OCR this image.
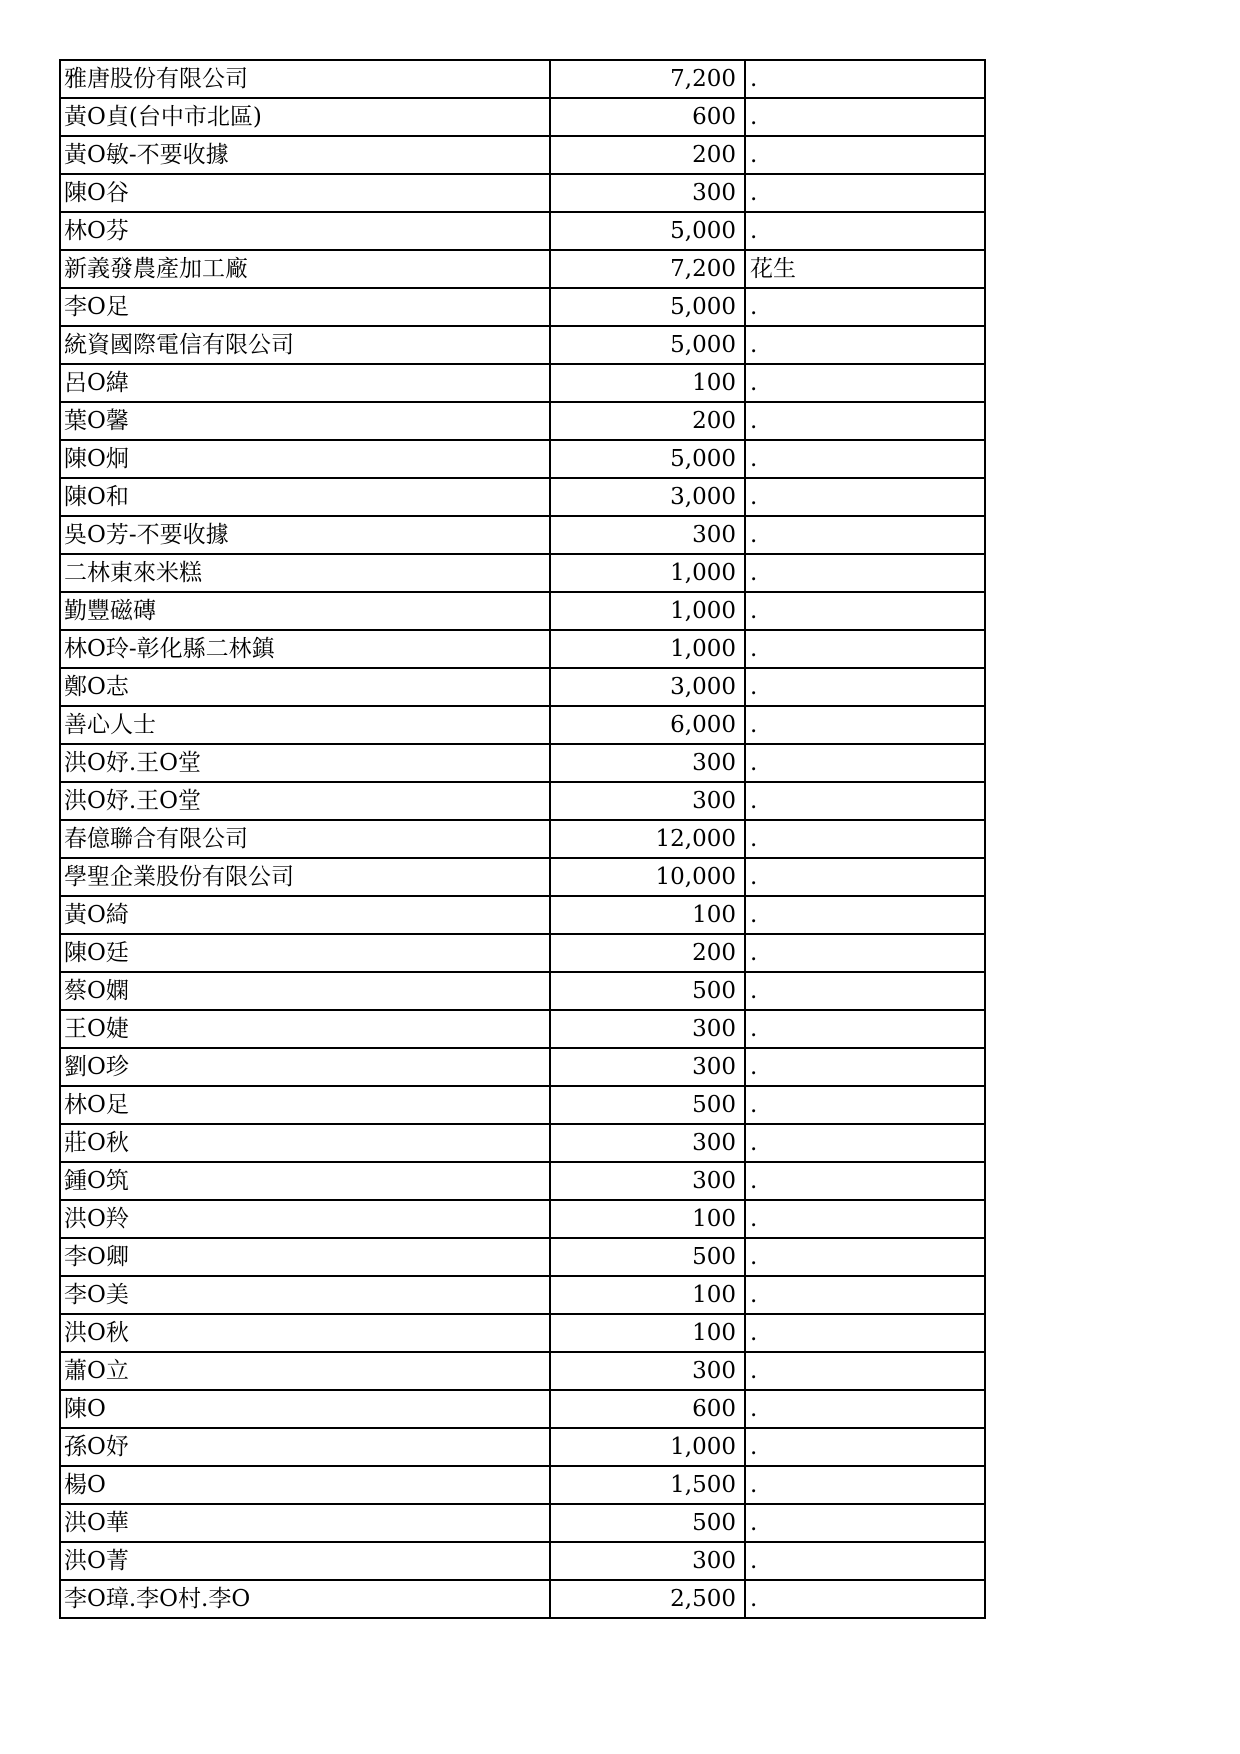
雅唐股份有限公司	7,200	.
黃O貞(台中市北區)	600	.
黃O敏-不要收據	200	.
陳O谷	300	.
林O芬	5,000	.
新義發農產加工廠	7,200	花生
李O足	5,000	.
統資國際電信有限公司	5,000	.
呂O緯	100	.
葉O馨	200	.
陳O炯	5,000	.
陳O和	3,000	.
吳O芳-不要收據	300	.
二林東來米糕	1,000	.
勤豐磁磚	1,000	.
林O玲-彰化縣二林鎮	1,000	.
鄭O志	3,000	.
善心人士	6,000	.
洪O妤.王O堂	300	.
洪O妤.王O堂	300	.
春億聯合有限公司	12,000	.
學聖企業股份有限公司	10,000	.
黃O綺	100	.
陳O廷	200	.
蔡O嫻	500	.
王O婕	300	.
劉O珍	300	.
林O足	500	.
莊O秋	300	.
鍾O筑	300	.
洪O羚	100	.
李O卿	500	.
李O美	100	.
洪O秋	100	.
蕭O立	300	.
陳O	600	.
孫O妤	1,000	.
楊O	1,500	.
洪O華	500	.
洪O菁	300	.
李O璋.李O村.李O	2,500	.
